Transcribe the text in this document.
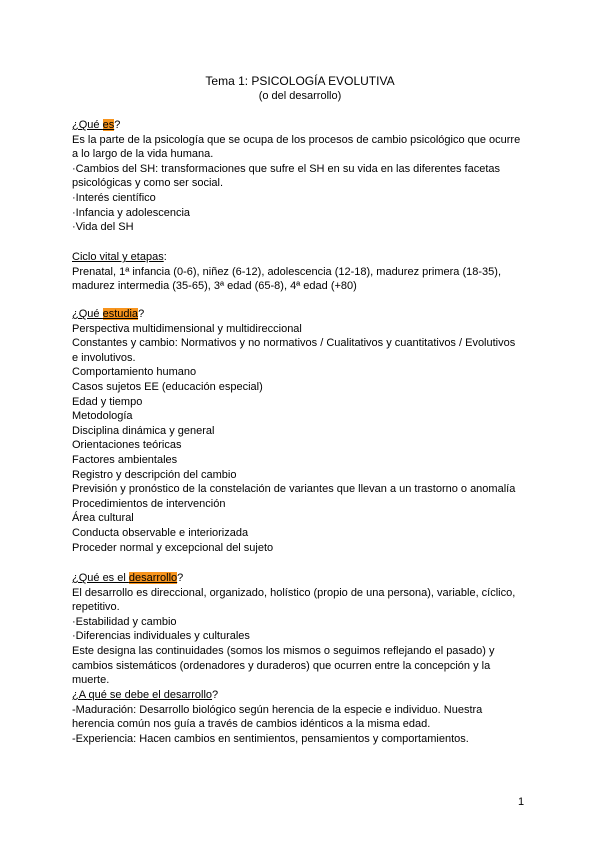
Tema 1: PSICOLOGÍA EVOLUTIVA
(o del desarrollo)
¿Qué es?
Es la parte de la psicología que se ocupa de los procesos de cambio psicológico que ocurre
a lo largo de la vida humana.
·Cambios del SH: transformaciones que sufre el SH en su vida en las diferentes facetas
psicológicas y como ser social.
·Interés científico
·Infancia y adolescencia
·Vida del SH
Ciclo vital y etapas:
Prenatal, 1ª infancia (0-6), niñez (6-12), adolescencia (12-18), madurez primera (18-35),
madurez intermedia (35-65), 3ª edad (65-8), 4ª edad (+80)
¿Qué estudia?
Perspectiva multidimensional y multidireccional
Constantes y cambio: Normativos y no normativos / Cualitativos y cuantitativos / Evolutivos
e involutivos.
Comportamiento humano
Casos sujetos EE (educación especial)
Edad y tiempo
Metodología
Disciplina dinámica y general
Orientaciones teóricas
Factores ambientales
Registro y descripción del cambio
Previsión y pronóstico de la constelación de variantes que llevan a un trastorno o anomalía
Procedimientos de intervención
Área cultural
Conducta observable e interiorizada
Proceder normal y excepcional del sujeto
¿Qué es el desarrollo?
El desarrollo es direccional, organizado, holístico (propio de una persona), variable, cíclico,
repetitivo.
·Estabilidad y cambio
·Diferencias individuales y culturales
Este designa las continuidades (somos los mismos o seguimos reflejando el pasado) y
cambios sistemáticos (ordenadores y duraderos) que ocurren entre la concepción y la
muerte.
¿A qué se debe el desarrollo?
-Maduración: Desarrollo biológico según herencia de la especie e individuo. Nuestra
herencia común nos guía a través de cambios idénticos a la misma edad.
-Experiencia: Hacen cambios en sentimientos, pensamientos y comportamientos.
1
